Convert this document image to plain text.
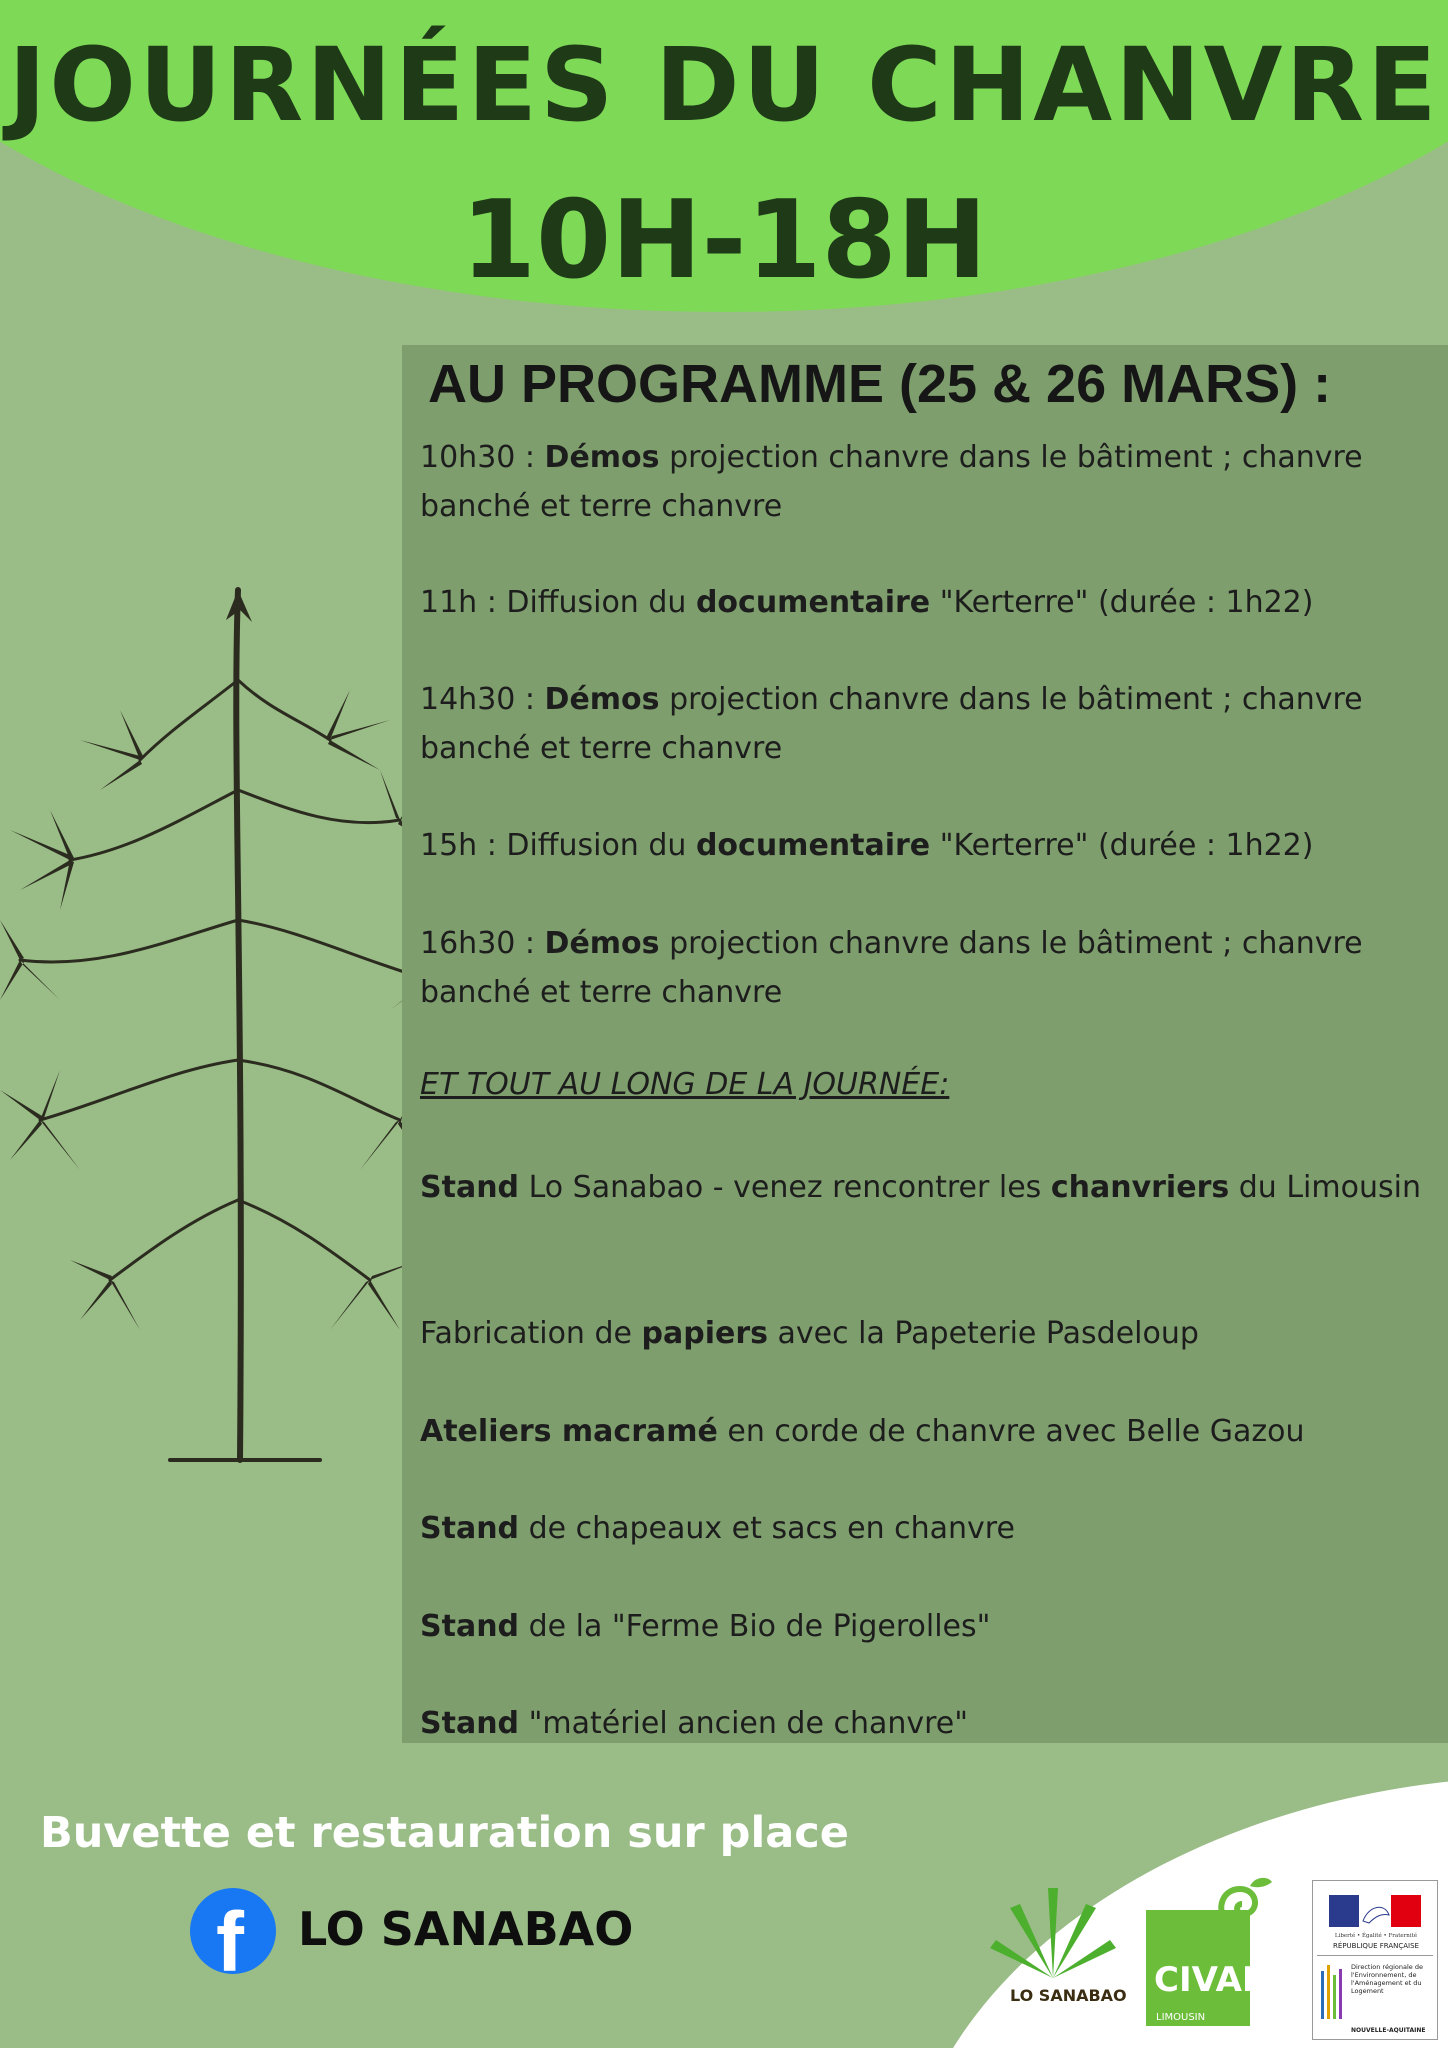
JOURNÉES DU CHANVRE
10H-18H
AU PROGRAMME (25 & 26 MARS) :

10h30 : Démos projection chanvre dans le bâtiment ; chanvre banché et terre chanvre

11h : Diffusion du documentaire "Kerterre" (durée : 1h22)

14h30 : Démos projection chanvre dans le bâtiment ; chanvre banché et terre chanvre

15h : Diffusion du documentaire "Kerterre" (durée : 1h22)

16h30 : Démos projection chanvre dans le bâtiment ; chanvre banché et terre chanvre

ET TOUT AU LONG DE LA JOURNÉE:

Stand Lo Sanabao - venez rencontrer les chanvriers du Limousin

Fabrication de papiers avec la Papeterie Pasdeloup

Ateliers macramé en corde de chanvre avec Belle Gazou

Stand de chapeaux et sacs en chanvre

Stand de la "Ferme Bio de Pigerolles"

Stand "matériel ancien de chanvre"

Buvette et restauration sur place

f LO SANABAO
LO SANABAO CIVAM
LIMOUSIN
Liberté • Égalité • Fraternité
RÉPUBLIQUE FRANÇAISE
Direction régionale de l'Environnement, de l'Aménagement et du Logement
NOUVELLE-AQUITAINE
